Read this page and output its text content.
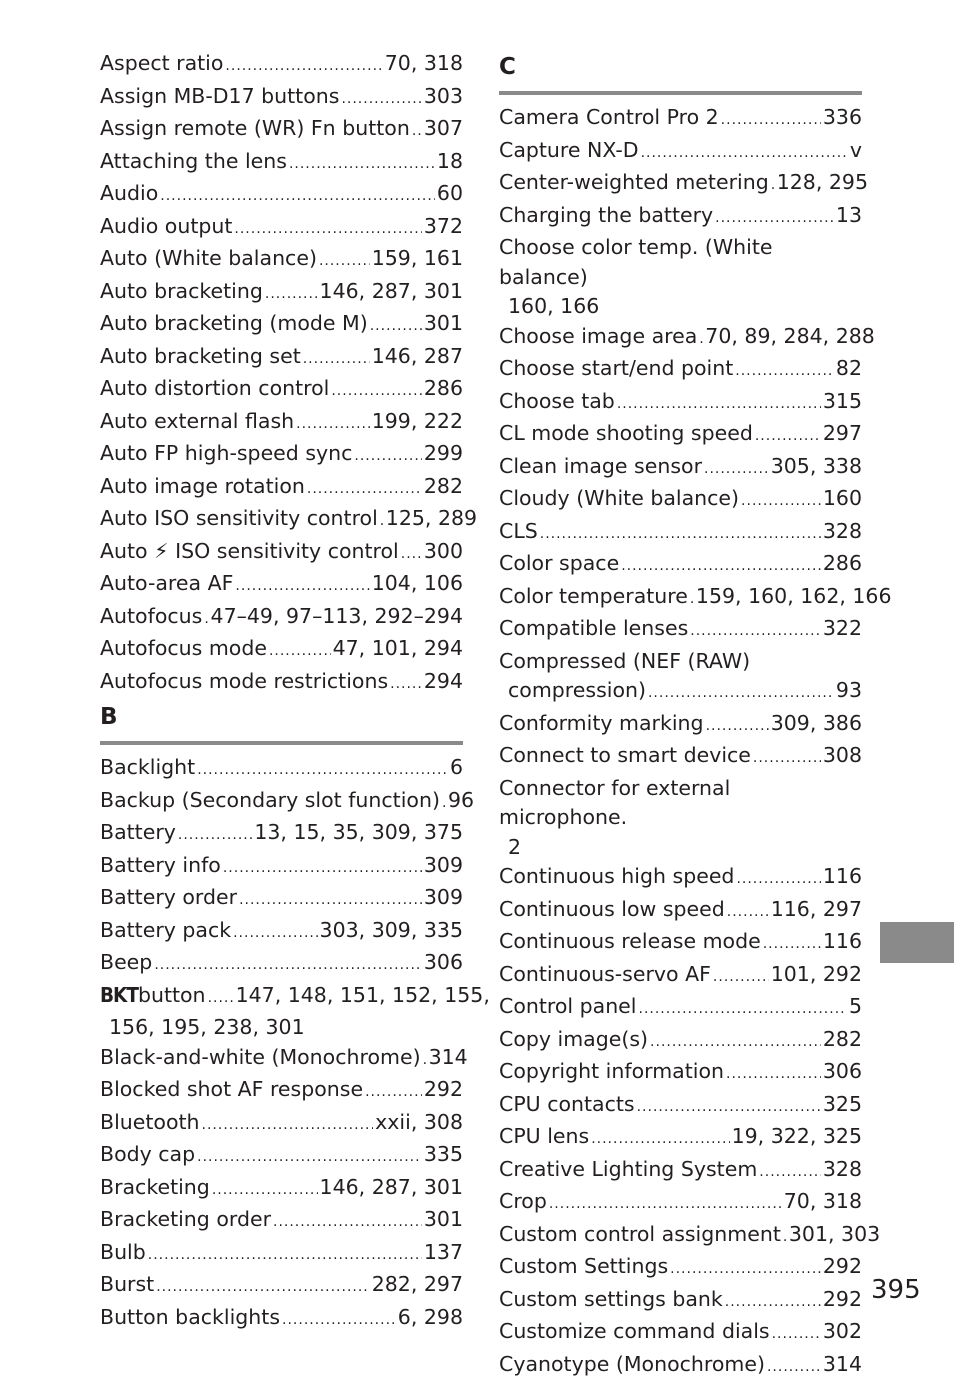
Aspect ratio .....	70, 318
Assign MB-D17 buttons .....	303
Assign remote (WR) Fn button ..... 307
Attaching the lens .....	18
Audio .....	60
Audio output .....	372
Auto (White balance) .....	159, 161
Auto bracketing .....	146, 287, 301
Auto bracketing (mode M) .....	301
Auto bracketing set .....	146, 287
Auto distortion control .....	286
Auto external flash .....	199, 222
Auto FP high-speed sync .....	299
Auto image rotation .....	282
Auto ISO sensitivity control ..... 125, 289
Auto ⚡ ISO sensitivity control ..... 300
Auto-area AF .....	104, 106
Autofocus ..... 47–49, 97–113, 292–294
Autofocus mode .....	47, 101, 294
Autofocus mode restrictions ..... 294
B
Backlight .....	6
Backup (Secondary slot function) ..... 96
Battery .....	13, 15, 35, 309, 375
Battery info .....	309
Battery order .....	309
Battery pack .....	303, 309, 335
Beep .....	306
BKT button ..... 147, 148, 151, 152, 155,
156, 195, 238, 301
Black-and-white (Monochrome) ..... 314
Blocked shot AF response .....	292
Bluetooth .....	xxii, 308
Body cap .....	335
Bracketing .....	146, 287, 301
Bracketing order .....	301
Bulb .....	137
Burst .....	282, 297
Button backlights .....	6, 298
C
Camera Control Pro 2 .....	336
Capture NX-D .....	v
Center-weighted metering ..... 128, 295
Charging the battery .....	13
Choose color temp. (White balance)
160, 166
Choose image area ..... 70, 89, 284, 288
Choose start/end point .....	82
Choose tab .....	315
CL mode shooting speed .....	297
Clean image sensor .....	305, 338
Cloudy (White balance) .....	160
CLS .....	328
Color space .....	286
Color temperature ..... 159, 160, 162, 166
Compatible lenses .....	322
Compressed (NEF (RAW)
compression) .....	93
Conformity marking .....	309, 386
Connect to smart device .....	308
Connector for external microphone.
2
Continuous high speed .....	116
Continuous low speed ..... 116, 297
Continuous release mode .....	116
Continuous-servo AF .....	101, 292
Control panel .....	5
Copy image(s) .....	282
Copyright information .....	306
CPU contacts .....	325
CPU lens .....	19, 322, 325
Creative Lighting System .....	328
Crop .....	70, 318
Custom control assignment ..... 301, 303
Custom Settings .....	292
Custom settings bank .....	292
Customize command dials .....	302
Cyanotype (Monochrome) .....	314
395
